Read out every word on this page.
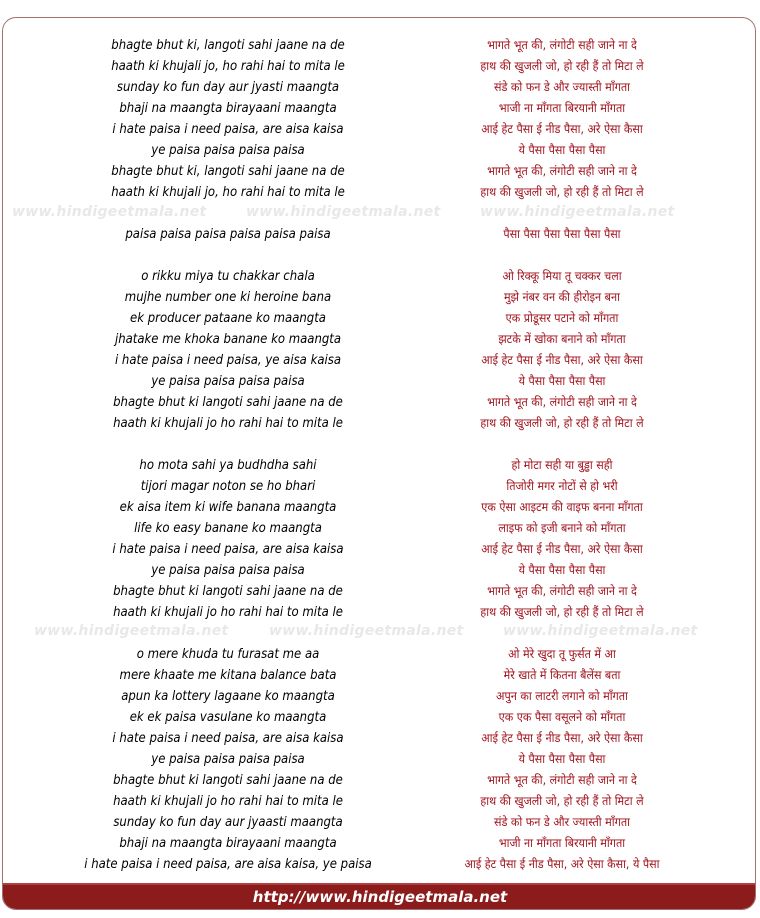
www.hindigeetmala.net	www.hindigeetmala.net	www.hindigeetmala.net
www.hindigeetmala.net	www.hindigeetmala.net	www.hindigeetmala.net
bhagte bhut ki, langoti sahi jaane na de
haath ki khujali jo, ho rahi hai to mita le
sunday ko fun day aur jyasti maangta
bhaji na maangta birayaani maangta
i hate paisa i need paisa, are aisa kaisa
ye paisa paisa paisa paisa
bhagte bhut ki, langoti sahi jaane na de
haath ki khujali jo, ho rahi hai to mita le
paisa paisa paisa paisa paisa paisa
o rikku miya tu chakkar chala
mujhe number one ki heroine bana
ek producer pataane ko maangta
jhatake me khoka banane ko maangta
i hate paisa i need paisa, ye aisa kaisa
ye paisa paisa paisa paisa
bhagte bhut ki langoti sahi jaane na de
haath ki khujali jo ho rahi hai to mita le
ho mota sahi ya budhdha sahi
tijori magar noton se ho bhari
ek aisa item ki wife banana maangta
life ko easy banane ko maangta
i hate paisa i need paisa, are aisa kaisa
ye paisa paisa paisa paisa
bhagte bhut ki langoti sahi jaane na de
haath ki khujali jo ho rahi hai to mita le
o mere khuda tu furasat me aa
mere khaate me kitana balance bata
apun ka lottery lagaane ko maangta
ek ek paisa vasulane ko maangta
i hate paisa i need paisa, are aisa kaisa
ye paisa paisa paisa paisa
bhagte bhut ki langoti sahi jaane na de
haath ki khujali jo ho rahi hai to mita le
sunday ko fun day aur jyaasti maangta
bhaji na maangta birayaani maangta
i hate paisa i need paisa, are aisa kaisa, ye paisa
भागते भूत की, लंगोटी सही जाने ना दे
हाथ की खुजली जो, हो रही हैं तो मिटा ले
संडे को फन डे और ज्यास्ती माँगता
भाजी ना माँगता बिरयानी माँगता
आई हेट पैसा ई नीड पैसा, अरे ऐसा कैसा
ये पैसा पैसा पैसा पैसा
भागते भूत की, लंगोटी सही जाने ना दे
हाथ की खुजली जो, हो रही हैं तो मिटा ले
पैसा पैसा पैसा पैसा पैसा पैसा
ओ रिक्कू मिया तू चक्कर चला
मुझे नंबर वन की हीरोइन बना
एक प्रोडूसर पटाने को माँगता
झटके में खोका बनाने को माँगता
आई हेट पैसा ई नीड पैसा, अरे ऐसा कैसा
ये पैसा पैसा पैसा पैसा
भागते भूत की, लंगोटी सही जाने ना दे
हाथ की खुजली जो, हो रही हैं तो मिटा ले
हो मोटा सही या बुड्ढा सही
तिजोरी मगर नोटों से हो भरी
एक ऐसा आइटम की वाइफ बनना माँगता
लाइफ को इजी बनाने को माँगता
आई हेट पैसा ई नीड पैसा, अरे ऐसा कैसा
ये पैसा पैसा पैसा पैसा
भागते भूत की, लंगोटी सही जाने ना दे
हाथ की खुजली जो, हो रही हैं तो मिटा ले
ओ मेरे खुदा तू फुर्सत में आ
मेरे खाते में कितना बैलेंस बता
अपुन का लाटरी लगाने को माँगता
एक एक पैसा वसूलने को माँगता
आई हेट पैसा ई नीड पैसा, अरे ऐसा कैसा
ये पैसा पैसा पैसा पैसा
भागते भूत की, लंगोटी सही जाने ना दे
हाथ की खुजली जो, हो रही हैं तो मिटा ले
संडे को फन डे और ज्यास्ती माँगता
भाजी ना माँगता बिरयानी माँगता
आई हेट पैसा ई नीड पैसा, अरे ऐसा कैसा, ये पैसा
http://www.hindigeetmala.net
